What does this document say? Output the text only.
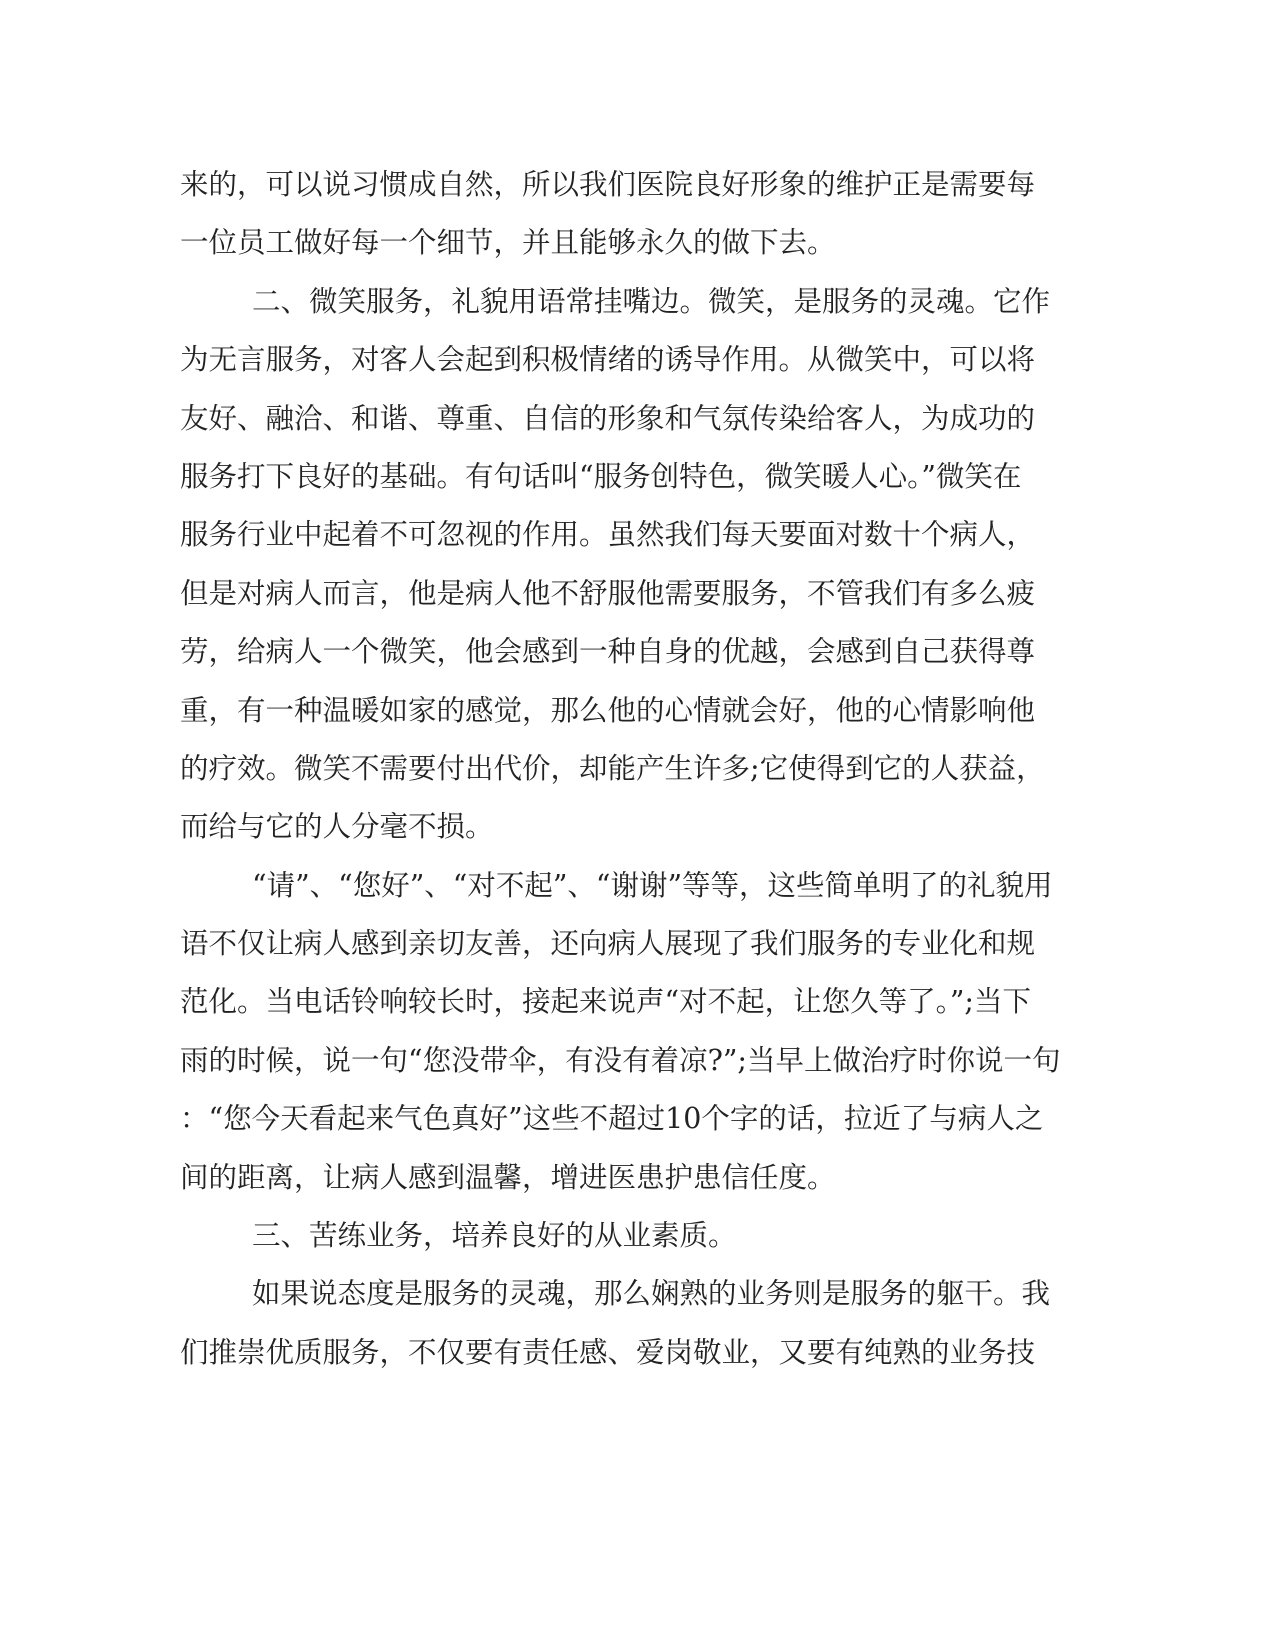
来的，可以说习惯成自然，所以我们医院良好形象的维护正是需要每
一位员工做好每一个细节，并且能够永久的做下去。
二、微笑服务，礼貌用语常挂嘴边。微笑，是服务的灵魂。它作
为无言服务，对客人会起到积极情绪的诱导作用。从微笑中，可以将
友好、融洽、和谐、尊重、自信的形象和气氛传染给客人，为成功的
服务打下良好的基础。有句话叫“服务创特色，微笑暖人心。”微笑在
服务行业中起着不可忽视的作用。虽然我们每天要面对数十个病人，
但是对病人而言，他是病人他不舒服他需要服务，不管我们有多么疲
劳，给病人一个微笑，他会感到一种自身的优越，会感到自己获得尊
重，有一种温暖如家的感觉，那么他的心情就会好，他的心情影响他
的疗效。微笑不需要付出代价，却能产生许多;它使得到它的人获益，
而给与它的人分毫不损。
“请”、“您好”、“对不起”、“谢谢”等等，这些简单明了的礼貌用
语不仅让病人感到亲切友善，还向病人展现了我们服务的专业化和规
范化。当电话铃响较长时，接起来说声“对不起，让您久等了。”;当下
雨的时候，说一句“您没带伞，有没有着凉?”;当早上做治疗时你说一句
：“您今天看起来气色真好”这些不超过10个字的话，拉近了与病人之
间的距离，让病人感到温馨，增进医患护患信任度。
三、苦练业务，培养良好的从业素质。
如果说态度是服务的灵魂，那么娴熟的业务则是服务的躯干。我
们推崇优质服务，不仅要有责任感、爱岗敬业，又要有纯熟的业务技
